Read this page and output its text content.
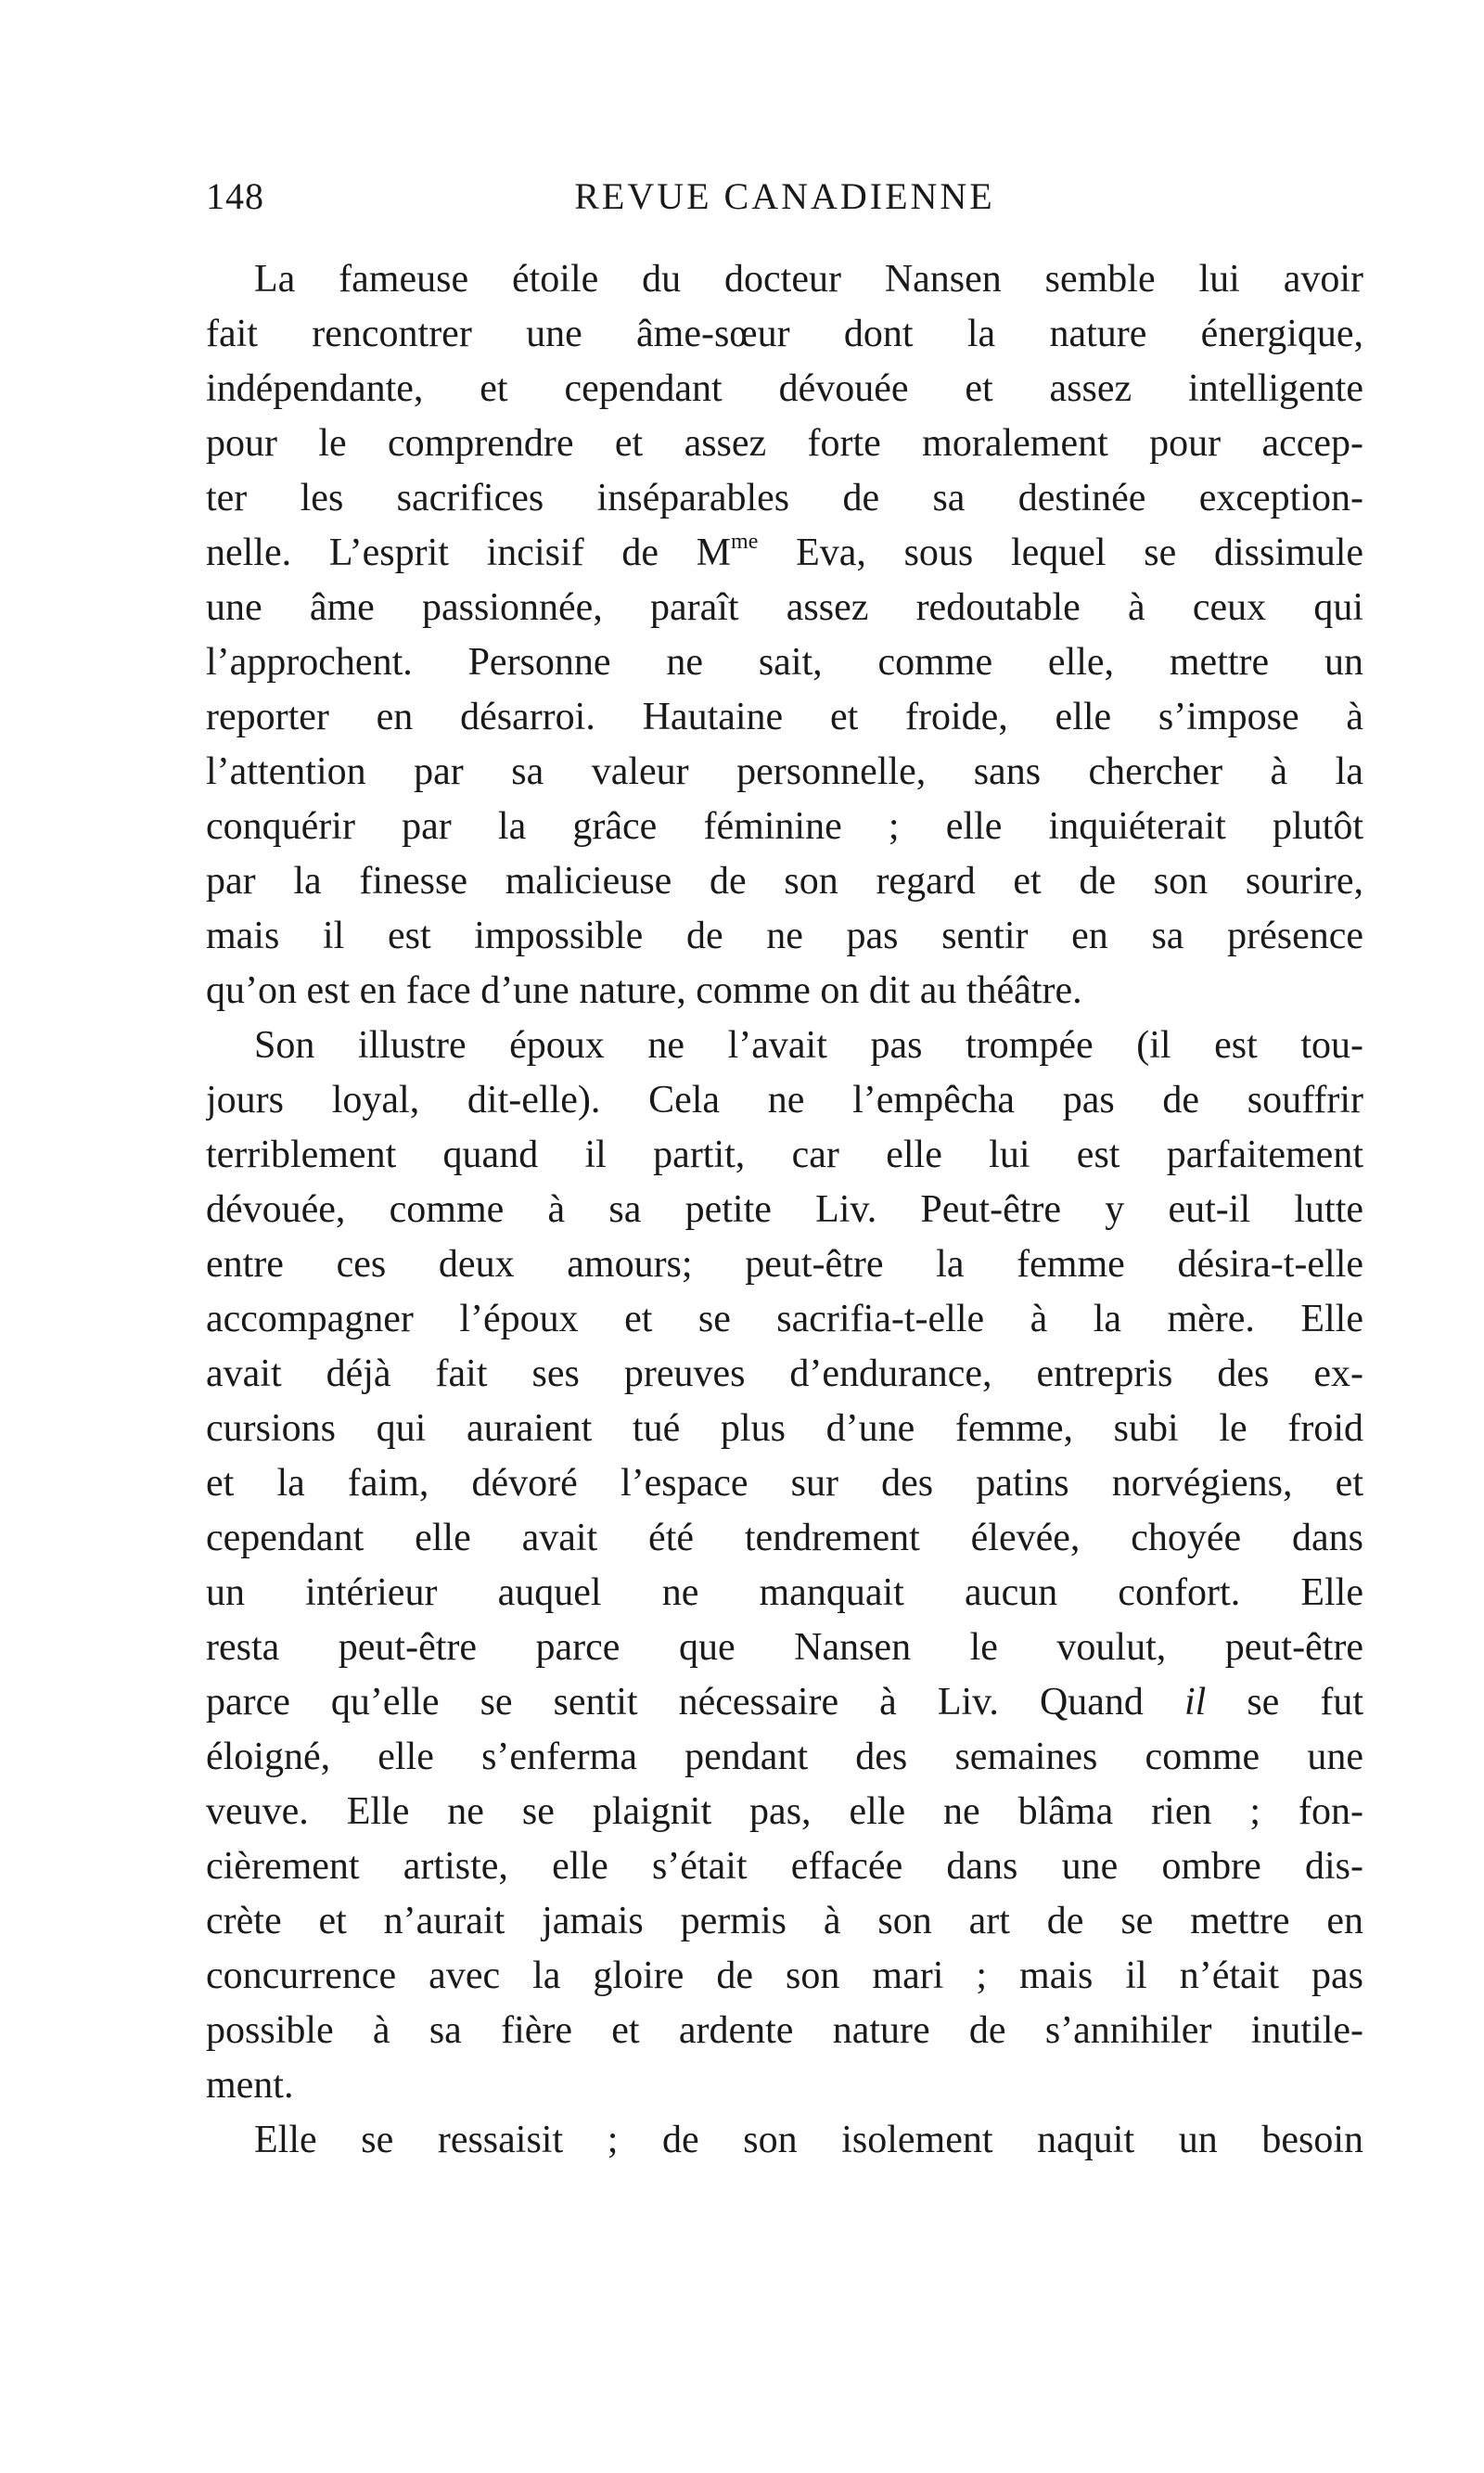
148	REVUE CANADIENNE
La fameuse étoile du docteur Nansen semble lui avoir
fait rencontrer une âme-sœur dont la nature énergique,
indépendante, et cependant dévouée et assez intelligente
pour le comprendre et assez forte moralement pour accep-
ter les sacrifices inséparables de sa destinée exception-
nelle. L’esprit incisif de $M^{me}$ Eva, sous lequel se dissimule
une âme passionnée, paraît assez redoutable à ceux qui
l’approchent. Personne ne sait, comme elle, mettre un
reporter en désarroi. Hautaine et froide, elle s’impose à
l’attention par sa valeur personnelle, sans chercher à la
conquérir par la grâce féminine ; elle inquiéterait plutôt
par la finesse malicieuse de son regard et de son sourire,
mais il est impossible de ne pas sentir en sa présence
qu’on est en face d’une nature, comme on dit au théâtre.
Son illustre époux ne l’avait pas trompée (il est tou-
jours loyal, dit-elle). Cela ne l’empêcha pas de souffrir
terriblement quand il partit, car elle lui est parfaitement
dévouée, comme à sa petite Liv. Peut-être y eut-il lutte
entre ces deux amours; peut-être la femme désira-t-elle
accompagner l’époux et se sacrifia-t-elle à la mère. Elle
avait déjà fait ses preuves d’endurance, entrepris des ex-
cursions qui auraient tué plus d’une femme, subi le froid
et la faim, dévoré l’espace sur des patins norvégiens, et
cependant elle avait été tendrement élevée, choyée dans
un intérieur auquel ne manquait aucun confort. Elle
resta peut-être parce que Nansen le voulut, peut-être
parce qu’elle se sentit nécessaire à Liv. Quand il se fut
éloigné, elle s’enferma pendant des semaines comme une
veuve. Elle ne se plaignit pas, elle ne blâma rien ; fon-
cièrement artiste, elle s’était effacée dans une ombre dis-
crète et n’aurait jamais permis à son art de se mettre en
concurrence avec la gloire de son mari ; mais il n’était pas
possible à sa fière et ardente nature de s’annihiler inutile-
ment.
Elle se ressaisit ; de son isolement naquit un besoin
